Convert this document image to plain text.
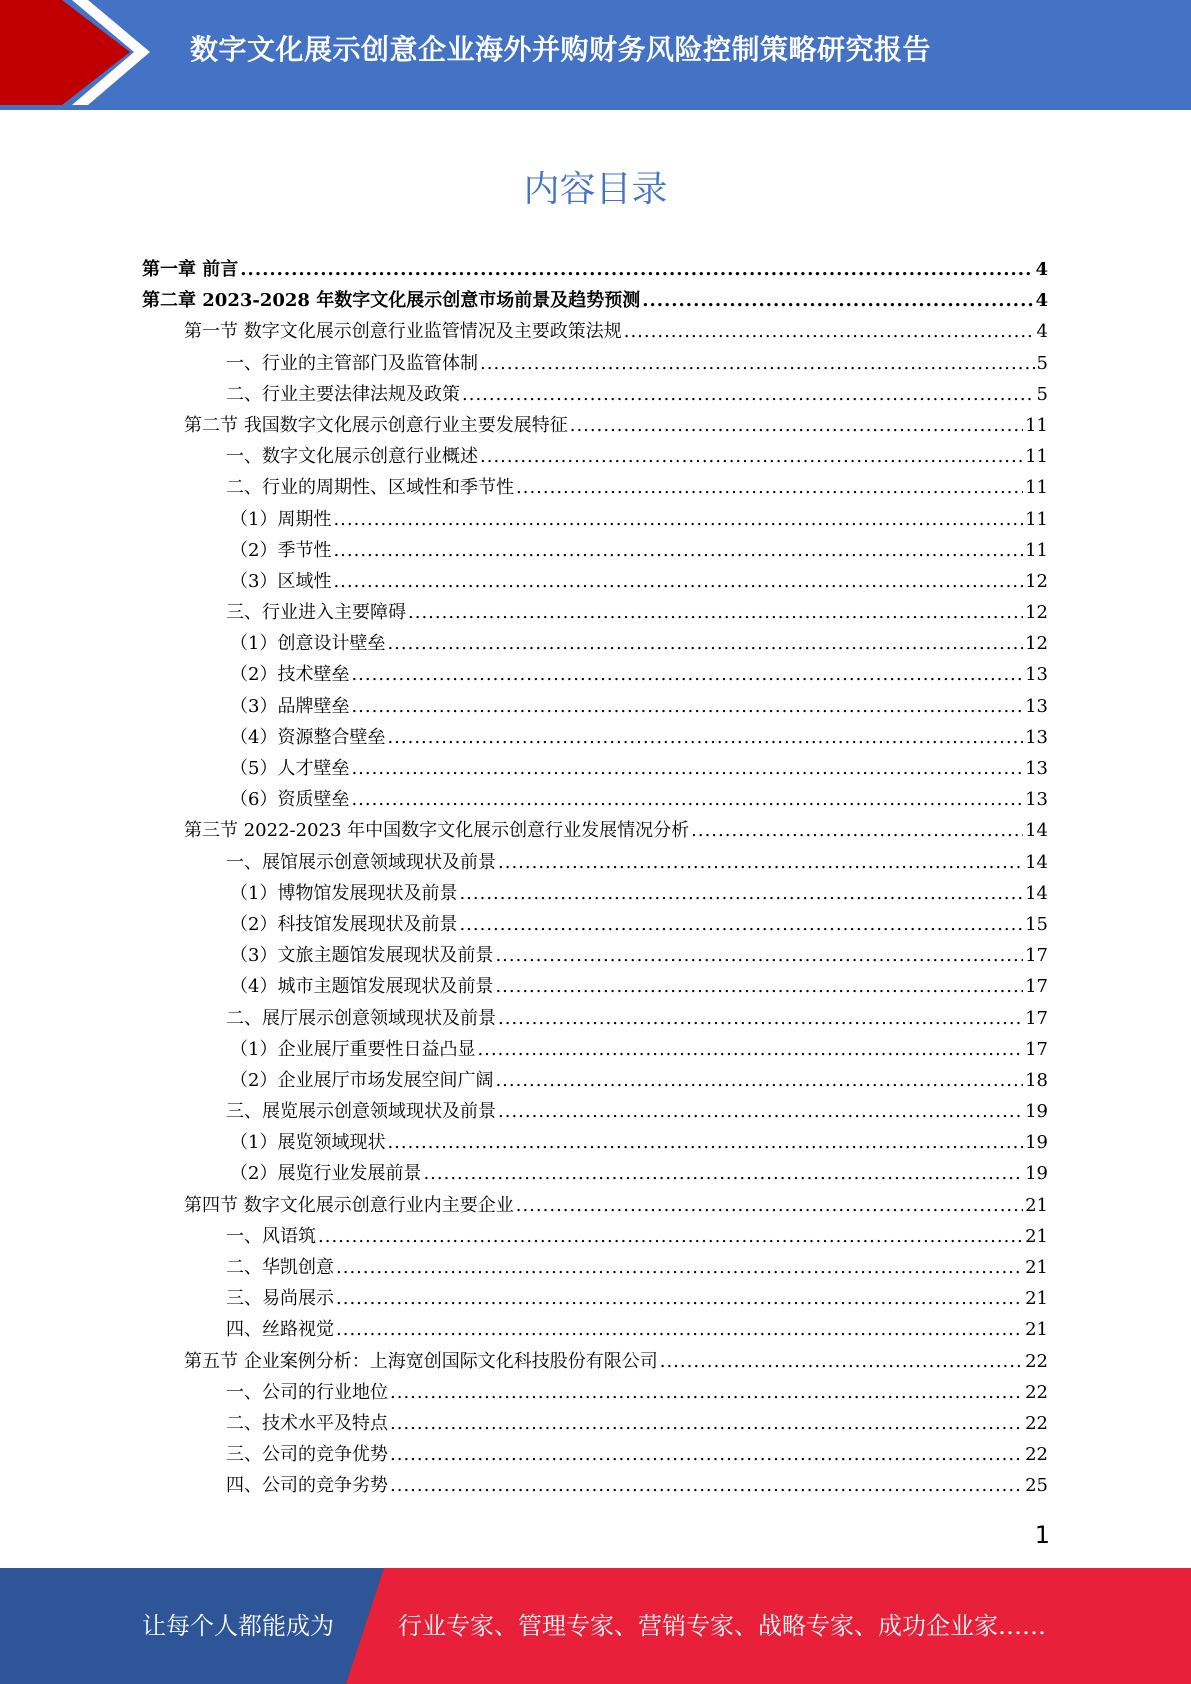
数字文化展示创意企业海外并购财务风险控制策略研究报告
内容目录
第一章 前言 .....	4
第二章 2023-2028 年数字文化展示创意市场前景及趋势预测 .....	4
第一节 数字文化展示创意行业监管情况及主要政策法规 .....	4
一、行业的主管部门及监管体制 .....	5
二、行业主要法律法规及政策 .....	5
第二节 我国数字文化展示创意行业主要发展特征 .....	11
一、数字文化展示创意行业概述 .....	11
二、行业的周期性、区域性和季节性 .....	11
（1）周期性 .....	11
（2）季节性 .....	11
（3）区域性 .....	12
三、行业进入主要障碍 .....	12
（1）创意设计壁垒 .....	12
（2）技术壁垒 .....	13
（3）品牌壁垒 .....	13
（4）资源整合壁垒 .....	13
（5）人才壁垒 .....	13
（6）资质壁垒 .....	13
第三节 2022-2023 年中国数字文化展示创意行业发展情况分析 .....	14
一、展馆展示创意领域现状及前景 .....	14
（1）博物馆发展现状及前景 .....	14
（2）科技馆发展现状及前景 .....	15
（3）文旅主题馆发展现状及前景 .....	17
（4）城市主题馆发展现状及前景 .....	17
二、展厅展示创意领域现状及前景 .....	17
（1）企业展厅重要性日益凸显 .....	17
（2）企业展厅市场发展空间广阔 .....	18
三、展览展示创意领域现状及前景 .....	19
（1）展览领域现状 .....	19
（2）展览行业发展前景 .....	19
第四节 数字文化展示创意行业内主要企业 .....	21
一、风语筑 .....	21
二、华凯创意 .....	21
三、易尚展示 .....	21
四、丝路视觉 .....	21
第五节 企业案例分析：上海宽创国际文化科技股份有限公司 .....	22
一、公司的行业地位 .....	22
二、技术水平及特点 .....	22
三、公司的竞争优势 .....	22
四、公司的竞争劣势 .....	25
1
让每个人都能成为	行业专家、管理专家、营销专家、战略专家、成功企业家……
